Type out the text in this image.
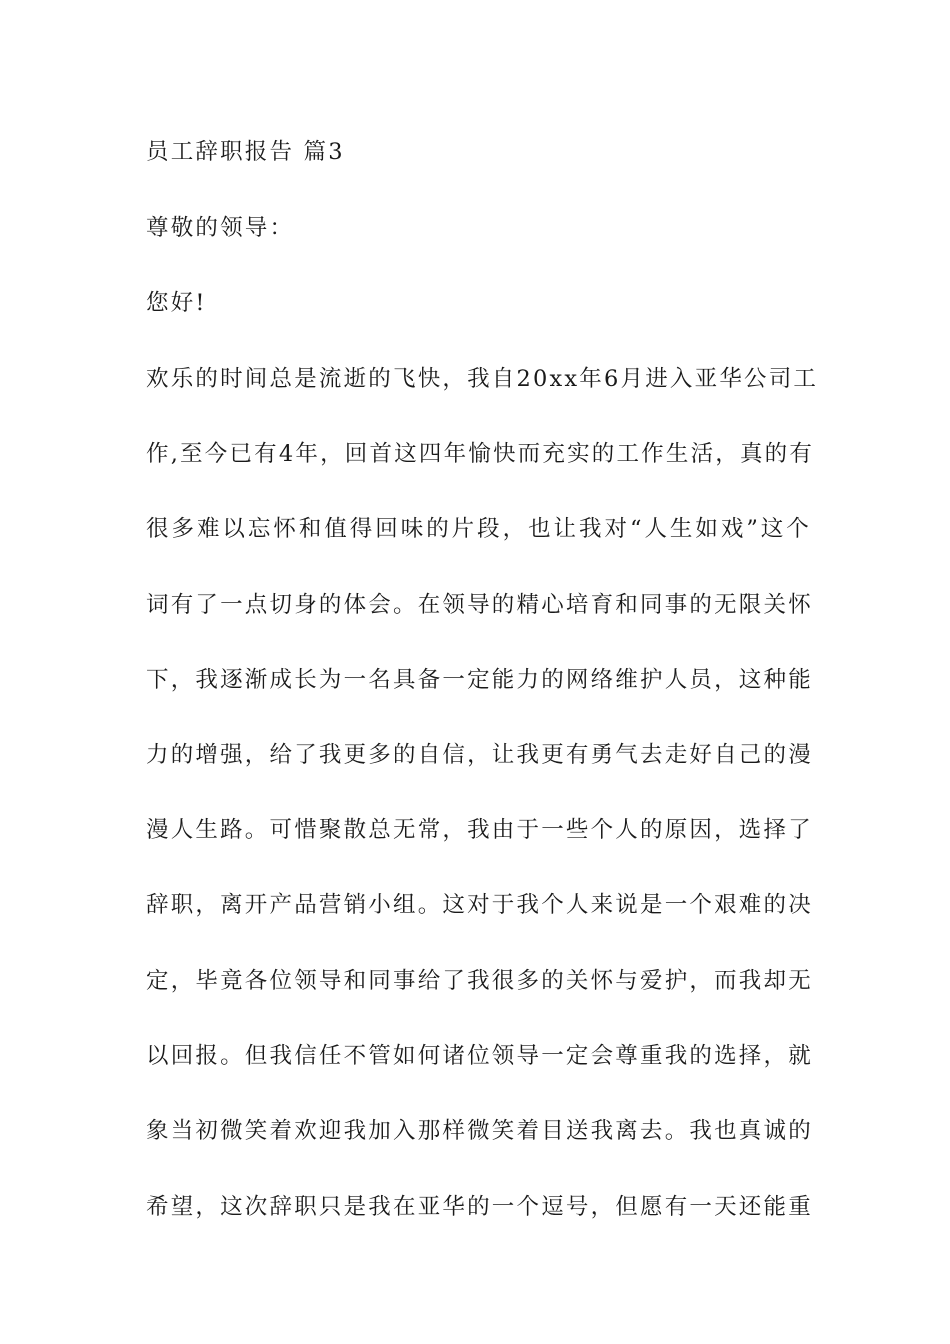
员工辞职报告 篇3
尊敬的领导：
您好!
欢乐的时间总是流逝的飞快，我自20xx年6月进入亚华公司工
作,至今已有4年，回首这四年愉快而充实的工作生活，真的有
很多难以忘怀和值得回味的片段，也让我对“人生如戏”这个
词有了一点切身的体会。在领导的精心培育和同事的无限关怀
下，我逐渐成长为一名具备一定能力的网络维护人员，这种能
力的增强，给了我更多的自信，让我更有勇气去走好自己的漫
漫人生路。可惜聚散总无常，我由于一些个人的原因，选择了
辞职，离开产品营销小组。这对于我个人来说是一个艰难的决
定，毕竟各位领导和同事给了我很多的关怀与爱护，而我却无
以回报。但我信任不管如何诸位领导一定会尊重我的选择，就
象当初微笑着欢迎我加入那样微笑着目送我离去。我也真诚的
希望，这次辞职只是我在亚华的一个逗号，但愿有一天还能重
